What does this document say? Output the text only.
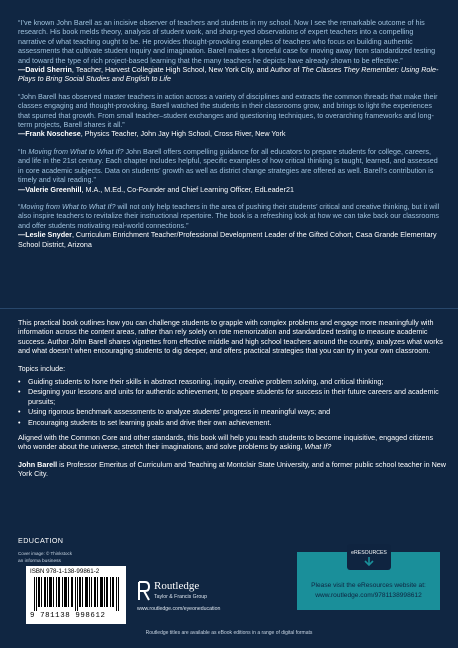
“I’ve known John Barell as an incisive observer of teachers and students in my school. Now I see the remarkable outcome of his research. His book melds theory, analysis of student work, and sharp-eyed observations of expert teachers into a compelling narrative of what teaching ought to be. He provides thought-provoking examples of teachers who focus on building authentic assessments that cultivate student inquiry and imagination. Barell makes a forceful case for moving away from standardized testing and toward the type of rich project-based learning that the many teachers he depicts have already shown to be effective.”
—David Sherrin, Teacher, Harvest Collegiate High School, New York City, and Author of The Classes They Remember: Using Role-Plays to Bring Social Studies and English to Life
“John Barell has observed master teachers in action across a variety of disciplines and extracts the common threads that make their classes engaging and thought-provoking. Barell watched the students in their classrooms grow, and brings to light the experiences that spurred that growth. From small teacher–student exchanges and questioning techniques, to overarching frameworks and long-term projects, Barell shares it all.”
—Frank Noschese, Physics Teacher, John Jay High School, Cross River, New York
“In Moving from What to What If? John Barell offers compelling guidance for all educators to prepare students for college, careers, and life in the 21st century. Each chapter includes helpful, specific examples of how critical thinking is taught, learned, and assessed in core academic subjects. Data on students’ growth as well as district change strategies are offered as well. Barell’s contribution is timely and vital reading.”
—Valerie Greenhill, M.A., M.Ed., Co-Founder and Chief Learning Officer, EdLeader21
“Moving from What to What If? will not only help teachers in the area of pushing their students’ critical and creative thinking, but it will also inspire teachers to revitalize their instructional repertoire. The book is a refreshing look at how we can take back our classrooms and offer students motivating real-world connections.”
—Leslie Snyder, Curriculum Enrichment Teacher/Professional Development Leader of the Gifted Cohort, Casa Grande Elementary School District, Arizona

This practical book outlines how you can challenge students to grapple with complex problems and engage more meaningfully with information across the content areas, rather than rely solely on rote memorization and standardized testing to measure academic success. Author John Barell shares vignettes from effective middle and high school teachers around the country, analyzes what works and what doesn’t when encouraging students to dig deeper, and offers practical strategies that you can try in your own classroom.

Topics include:

• Guiding students to hone their skills in abstract reasoning, inquiry, creative problem solving, and critical thinking;
• Designing your lessons and units for authentic achievement, to prepare students for success in their future careers and academic pursuits;
• Using rigorous benchmark assessments to analyze students’ progress in meaningful ways; and
• Encouraging students to set learning goals and drive their own achievement.

Aligned with the Common Core and other standards, this book will help you teach students to become inquisitive, engaged citizens who wonder about the universe, stretch their imaginations, and solve problems by asking, What If?

John Barell is Professor Emeritus of Curriculum and Teaching at Montclair State University, and a former public school teacher in New York City.

EDUCATION
Cover image: © Thinkstock
an informa business
ISBN 978-1-138-99861-2
9 781138 998612
Routledge
Taylor & Francis Group
www.routledge.com/eyeoneducation
eRESOURCES
Please visit the eResources website at:
www.routledge.com/9781138998612
Routledge titles are available as eBook editions in a range of digital formats
